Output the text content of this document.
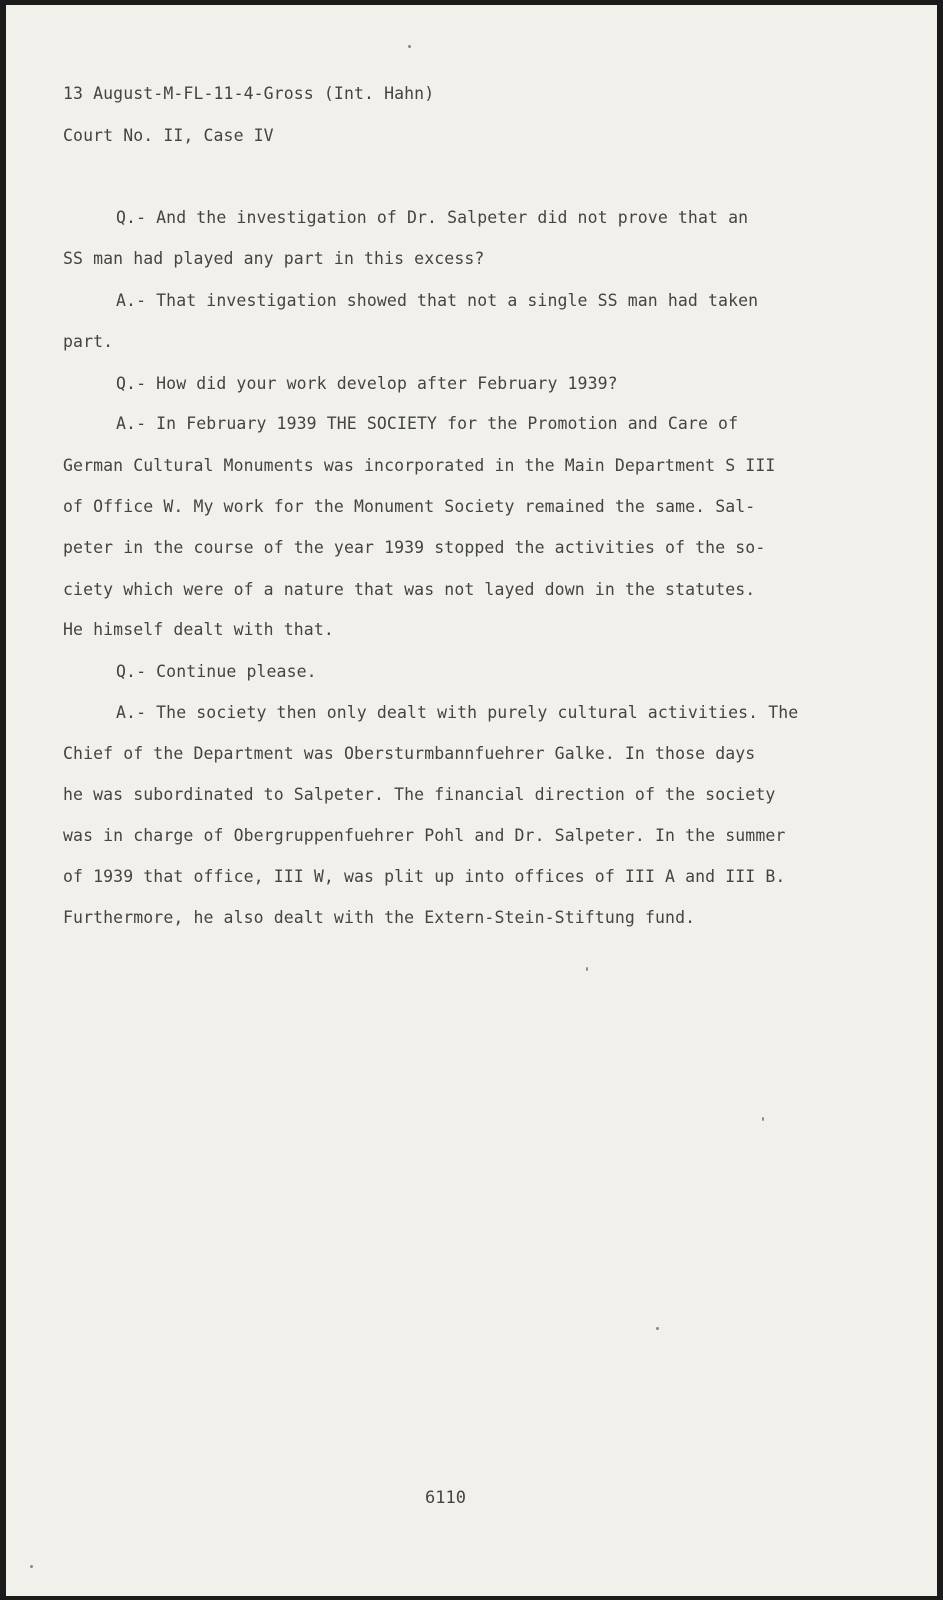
13 August-M-FL-11-4-Gross (Int. Hahn)
Court No. II, Case IV
Q.- And the investigation of Dr. Salpeter did not prove that an
SS man had played any part in this excess?
A.- That investigation showed that not a single SS man had taken
part.
Q.- How did your work develop after February 1939?
A.- In February 1939 THE SOCIETY for the Promotion and Care of
German Cultural Monuments was incorporated in the Main Department S III
of Office W. My work for the Monument Society remained the same. Sal-
peter in the course of the year 1939 stopped the activities of the so-
ciety which were of a nature that was not layed down in the statutes.
He himself dealt with that.
Q.- Continue please.
A.- The society then only dealt with purely cultural activities. The
Chief of the Department was Obersturmbannfuehrer Galke. In those days
he was subordinated to Salpeter. The financial direction of the society
was in charge of Obergruppenfuehrer Pohl and Dr. Salpeter. In the summer
of 1939 that office, III W, was plit up into offices of III A and III B.
Furthermore, he also dealt with the Extern-Stein-Stiftung fund.
6110
